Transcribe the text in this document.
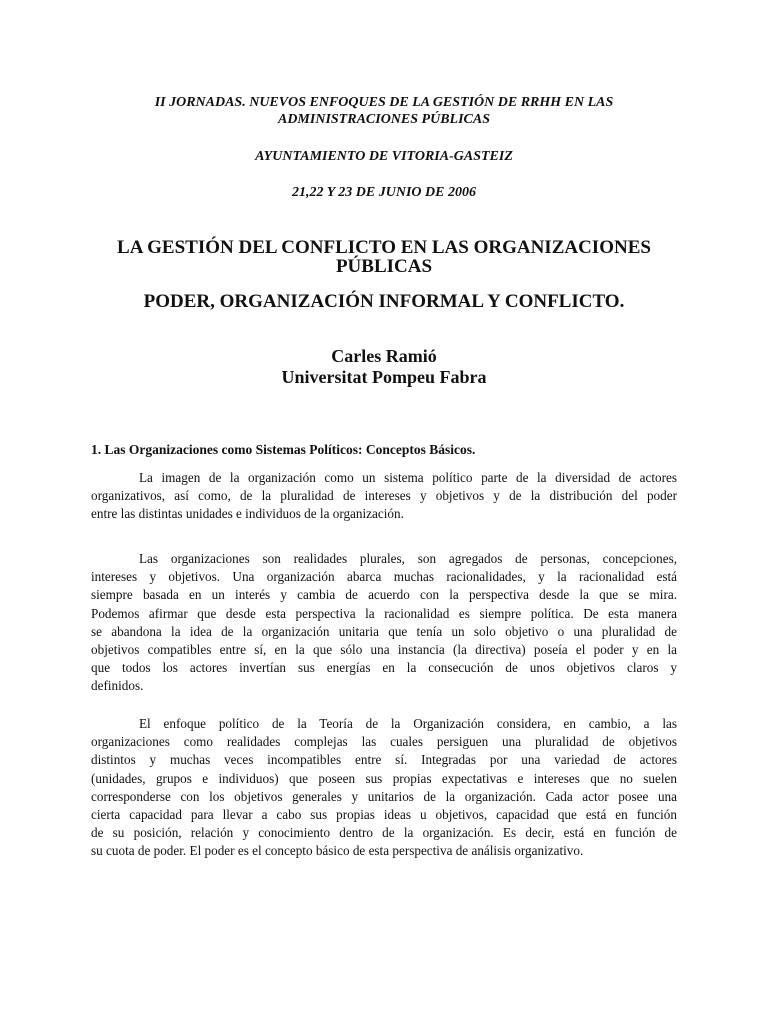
II JORNADAS. NUEVOS ENFOQUES DE LA GESTIÓN DE RRHH EN LAS
ADMINISTRACIONES PÚBLICAS
AYUNTAMIENTO DE VITORIA-GASTEIZ
21,22 Y 23 DE JUNIO DE 2006
LA GESTIÓN DEL CONFLICTO EN LAS ORGANIZACIONES
PÚBLICAS
PODER, ORGANIZACIÓN INFORMAL Y CONFLICTO.
Carles Ramió
Universitat Pompeu Fabra
1. Las Organizaciones como Sistemas Políticos: Conceptos Básicos.
La imagen de la organización como un sistema político parte de la diversidad de actores
organizativos, así como, de la pluralidad de intereses y objetivos y de la distribución del poder
entre las distintas unidades e individuos de la organización.
Las organizaciones son realidades plurales, son agregados de personas, concepciones,
intereses y objetivos. Una organización abarca muchas racionalidades, y la racionalidad está
siempre basada en un interés y cambia de acuerdo con la perspectiva desde la que se mira.
Podemos afirmar que desde esta perspectiva la racionalidad es siempre política. De esta manera
se abandona la idea de la organización unitaria que tenía un solo objetivo o una pluralidad de
objetivos compatibles entre sí, en la que sólo una instancia (la directiva) poseía el poder y en la
que todos los actores invertían sus energías en la consecución de unos objetivos claros y
definidos.
El enfoque político de la Teoría de la Organización considera, en cambio, a las
organizaciones como realidades complejas las cuales persiguen una pluralidad de objetivos
distintos y muchas veces incompatibles entre sí. Integradas por una variedad de actores
(unidades, grupos e individuos) que poseen sus propias expectativas e intereses que no suelen
corresponderse con los objetivos generales y unitarios de la organización. Cada actor posee una
cierta capacidad para llevar a cabo sus propias ideas u objetivos, capacidad que está en función
de su posición, relación y conocimiento dentro de la organización. Es decir, está en función de
su cuota de poder. El poder es el concepto básico de esta perspectiva de análisis organizativo.
